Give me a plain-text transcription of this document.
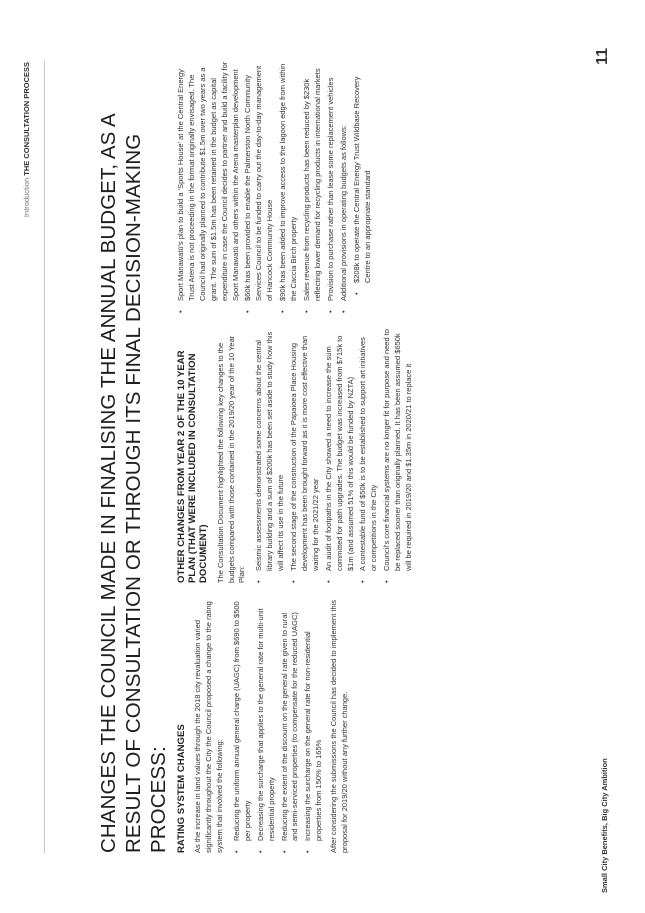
Introduction THE CONSULTATION PROCESS	CHANGES THE COUNCIL MADE IN FINALISING THE ANNUAL BUDGET, AS A RESULT OF CONSULTATION OR THROUGH ITS FINAL DECISION-MAKING PROCESS: RATING SYSTEM CHANGES As the increase in land values through the 2018 city revaluation varied significantly throughout the City the Council proposed a change to the rating system that involved the following: • Reducing the uniform annual general charge (UAGC) from $690 to $500 per property • Decreasing the surcharge that applies to the general rate for multi-unit residential property • Reducing the extent of the discount on the general rate given to rural and semi-serviced properties (to compensate for the reduced UAGC) • Increasing the surcharge on the general rate for non-residential properties from 150% to 165% After considering the submissions the Council has decided to implement this proposal for 2019/20 without any further change.

OTHER CHANGES FROM YEAR 2 OF THE 10 YEAR PLAN (THAT WERE INCLUDED IN CONSULTATION DOCUMENT) The Consultation Document highlighted the following key changes to the budgets compared with those contained in the 2019/20 year of the 10 Year Plan:

• Seismic assessments demonstrated some concerns about the central library building and a sum of $200k has been set aside to study how this will affect its use in the future • The second stage of the construction of the Papaioea Place Housing development has been brought forward as it is more cost effective than waiting for the 2021/22 year • An audit of footpaths in the City showed a need to increase the sum committed for path upgrades. The budget was increased from $715k to $1m (and assumed 51% of this would be funded by NZTA) • A contestable fund of $50k is to be established to support art initiatives or competitions in the City • Council's core financial systems are no longer fit for purpose and need to be replaced sooner than originally planned. It has been assumed $650k will be required in 2019/20 and $1.35m in 2020/21 to replace it
• Sport Manawatū's plan to build a 'Sports House' at the Central Energy Trust Arena is not proceeding in the format originally envisaged. The Council had originally planned to contribute $1.5m over two years as a grant. The sum of $1.5m has been retained in the budget as capital expenditure in case the Council decides to partner and build a facility for Sport Manawatū and others within the Arena masterplan development • $60k has been provided to enable the Palmerston North Community Services Council to be funded to carry out the day-to-day management of Hancock Community House • $90k has been added to improve access to the lagoon edge from within the Caccia Birch property • Sales revenue from recycling products has been reduced by $230k reflecting lower demand for recycling products in international markets • Provision to purchase rather than lease some replacement vehicles • Additional provisions in operating budgets as follows: • $208k to operate the Central Energy Trust Wildbase Recovery Centre to an appropriate standard
Small City Benefits, Big City Ambition
11
